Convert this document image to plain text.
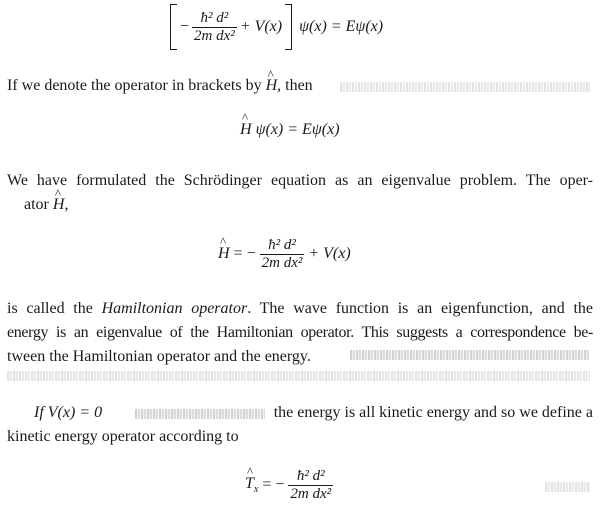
− $\frac{\text{ħ² d²}}{\text{2m dx²}} + V(x) \psi(x) = E\psi(x)$
If we denote the operator in brackets by ^ H, then
^ H ψ(x) = Eψ(x)
We have formulated the Schrödinger equation as an eigenvalue problem. The oper-
ator ^ H,
^ H = − $\frac{\text{ħ² d²}}{\text{2m dx²}} + V(x)$
is called the Hamiltonian operator. The wave function is an eigenfunction, and the
energy is an eigenvalue of the Hamiltonian operator. This suggests a correspondence be-
tween the Hamiltonian operator and the energy.
If V(x) = 0	the energy is all kinetic energy and so we define a
kinetic energy operator according to
^ $T_x$ = − $\frac{\text{ħ² d²}}{\text{2m dx²}}$
